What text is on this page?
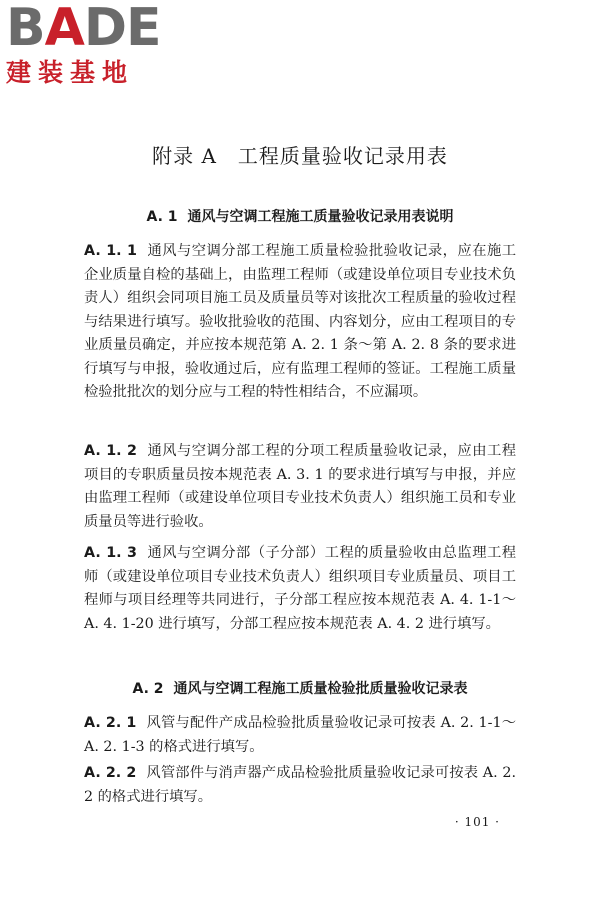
B A DE
建装基地
附录 A　工程质量验收记录用表
A. 1 通风与空调工程施工质量验收记录用表说明
A. 1. 1 通风与空调分部工程施工质量检验批验收记录，应在施工企业质量自检的基础上，由监理工程师（或建设单位项目专业技术负责人）组织会同项目施工员及质量员等对该批次工程质量的验收过程与结果进行填写。验收批验收的范围、内容划分，应由工程项目的专业质量员确定，并应按本规范第 A. 2. 1 条～第 A. 2. 8 条的要求进行填写与申报，验收通过后，应有监理工程师的签证。工程施工质量检验批批次的划分应与工程的特性相结合，不应漏项。
A. 1. 2 通风与空调分部工程的分项工程质量验收记录，应由工程项目的专职质量员按本规范表 A. 3. 1 的要求进行填写与申报，并应由监理工程师（或建设单位项目专业技术负责人）组织施工员和专业质量员等进行验收。
A. 1. 3 通风与空调分部（子分部）工程的质量验收由总监理工程师（或建设单位项目专业技术负责人）组织项目专业质量员、项目工程师与项目经理等共同进行，子分部工程应按本规范表 A. 4. 1-1～A. 4. 1-20 进行填写，分部工程应按本规范表 A. 4. 2 进行填写。
A. 2 通风与空调工程施工质量检验批质量验收记录表
A. 2. 1 风管与配件产成品检验批质量验收记录可按表 A. 2. 1-1～A. 2. 1-3 的格式进行填写。
A. 2. 2 风管部件与消声器产成品检验批质量验收记录可按表 A. 2. 2 的格式进行填写。
· 101 ·
